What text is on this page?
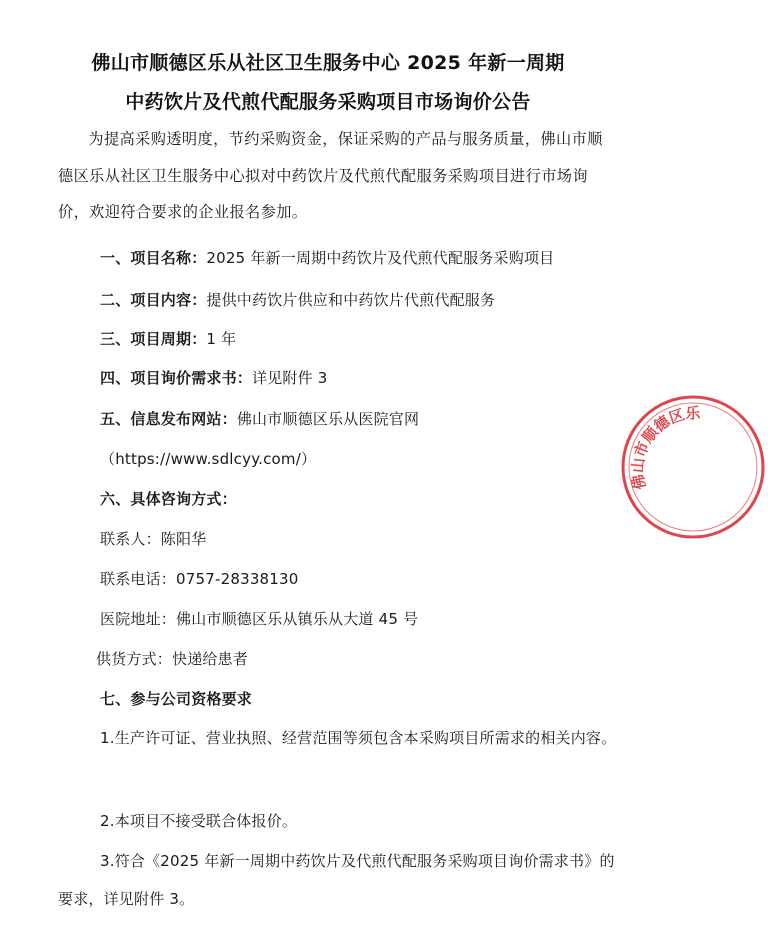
佛山市顺德区乐从社区卫生服务中心 2025 年新一周期
中药饮片及代煎代配服务采购项目市场询价公告
为提高采购透明度，节约采购资金，保证采购的产品与服务质量，佛山市顺德区乐从社区卫生服务中心拟对中药饮片及代煎代配服务采购项目进行市场询价，欢迎符合要求的企业报名参加。
一、项目名称：2025 年新一周期中药饮片及代煎代配服务采购项目
二、项目内容：提供中药饮片供应和中药饮片代煎代配服务
三、项目周期：1 年
四、项目询价需求书：详见附件 3
五、信息发布网站：佛山市顺德区乐从医院官网
（https://www.sdlcyy.com/）
六、具体咨询方式：
联系人：陈阳华
联系电话：0757-28338130
医院地址：佛山市顺德区乐从镇乐从大道 45 号
供货方式：快递给患者
七、参与公司资格要求
1.生产许可证、营业执照、经营范围等须包含本采购项目所需求的相关内容。
2.本项目不接受联合体报价。
3.符合《2025 年新一周期中药饮片及代煎代配服务采购项目询价需求书》的要求，详见附件 3。
佛山市顺德区乐
